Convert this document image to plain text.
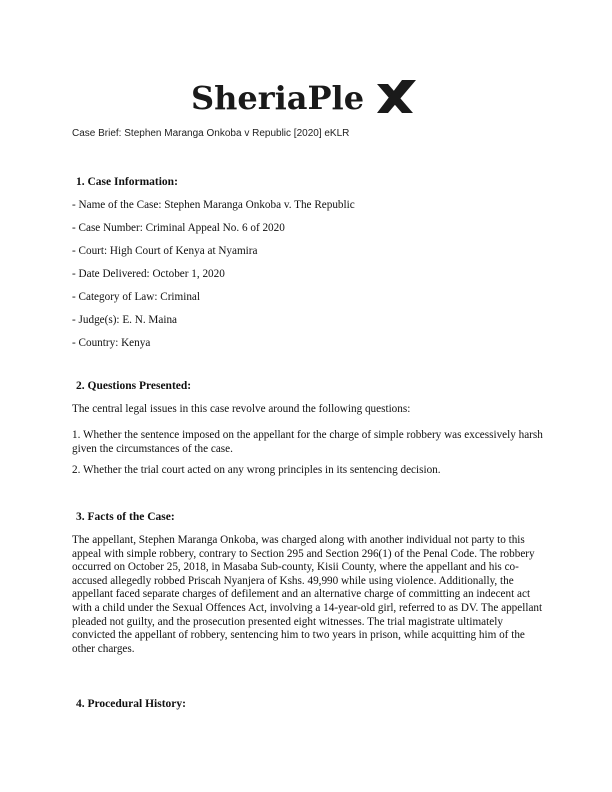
SheriaPle
Case Brief: Stephen Maranga Onkoba v Republic [2020] eKLR
1. Case Information:
- Name of the Case: Stephen Maranga Onkoba v. The Republic
- Case Number: Criminal Appeal No. 6 of 2020
- Court: High Court of Kenya at Nyamira
- Date Delivered: October 1, 2020
- Category of Law: Criminal
- Judge(s): E. N. Maina
- Country: Kenya
2. Questions Presented:
The central legal issues in this case revolve around the following questions:
1. Whether the sentence imposed on the appellant for the charge of simple robbery was excessively harsh given the circumstances of the case.
2. Whether the trial court acted on any wrong principles in its sentencing decision.
3. Facts of the Case:
The appellant, Stephen Maranga Onkoba, was charged along with another individual not party to this appeal with simple robbery, contrary to Section 295 and Section 296(1) of the Penal Code. The robbery occurred on October 25, 2018, in Masaba Sub-county, Kisii County, where the appellant and his co-accused allegedly robbed Priscah Nyanjera of Kshs. 49,990 while using violence. Additionally, the appellant faced separate charges of defilement and an alternative charge of committing an indecent act with a child under the Sexual Offences Act, involving a 14-year-old girl, referred to as DV. The appellant pleaded not guilty, and the prosecution presented eight witnesses. The trial magistrate ultimately convicted the appellant of robbery, sentencing him to two years in prison, while acquitting him of the other charges.
4. Procedural History:
